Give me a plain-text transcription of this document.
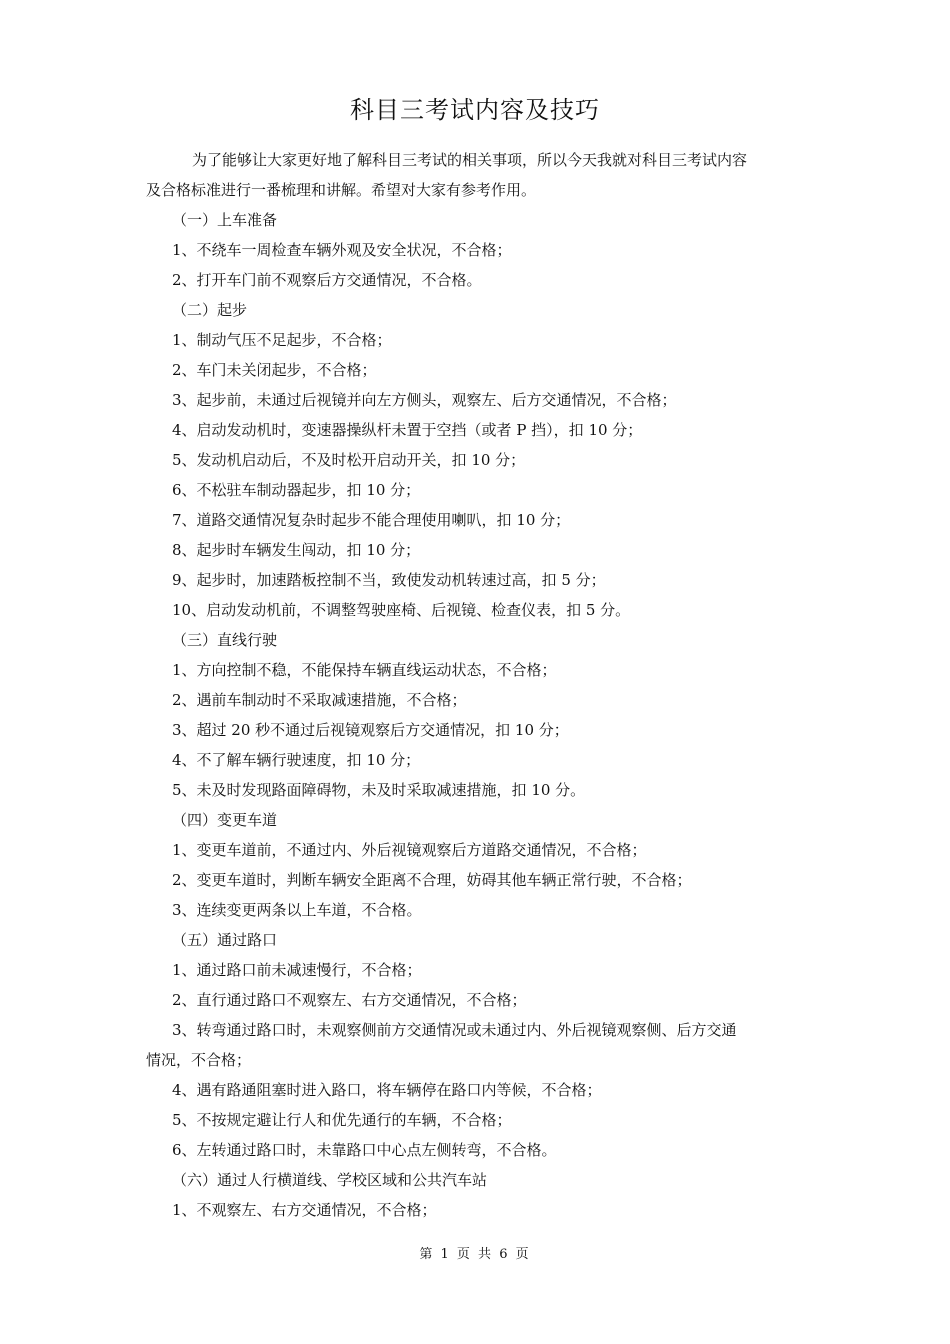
科目三考试内容及技巧
为了能够让大家更好地了解科目三考试的相关事项，所以今天我就对科目三考试内容
及合格标准进行一番梳理和讲解。希望对大家有参考作用。
（一）上车准备
1、不绕车一周检查车辆外观及安全状况，不合格；
2、打开车门前不观察后方交通情况，不合格。
（二）起步
1、制动气压不足起步，不合格；
2、车门未关闭起步，不合格；
3、起步前，未通过后视镜并向左方侧头，观察左、后方交通情况，不合格；
4、启动发动机时，变速器操纵杆未置于空挡（或者 P 挡），扣 10 分；
5、发动机启动后，不及时松开启动开关，扣 10 分；
6、不松驻车制动器起步，扣 10 分；
7、道路交通情况复杂时起步不能合理使用喇叭，扣 10 分；
8、起步时车辆发生闯动，扣 10 分；
9、起步时，加速踏板控制不当，致使发动机转速过高，扣 5 分；
10、启动发动机前，不调整驾驶座椅、后视镜、检查仪表，扣 5 分。
（三）直线行驶
1、方向控制不稳，不能保持车辆直线运动状态，不合格；
2、遇前车制动时不采取减速措施，不合格；
3、超过 20 秒不通过后视镜观察后方交通情况，扣 10 分；
4、不了解车辆行驶速度，扣 10 分；
5、未及时发现路面障碍物，未及时采取减速措施，扣 10 分。
（四）变更车道
1、变更车道前，不通过内、外后视镜观察后方道路交通情况，不合格；
2、变更车道时，判断车辆安全距离不合理，妨碍其他车辆正常行驶，不合格；
3、连续变更两条以上车道，不合格。
（五）通过路口
1、通过路口前未减速慢行，不合格；
2、直行通过路口不观察左、右方交通情况，不合格；
3、转弯通过路口时，未观察侧前方交通情况或未通过内、外后视镜观察侧、后方交通
情况，不合格；
4、遇有路通阻塞时进入路口，将车辆停在路口内等候，不合格；
5、不按规定避让行人和优先通行的车辆，不合格；
6、左转通过路口时，未靠路口中心点左侧转弯，不合格。
（六）通过人行横道线、学校区域和公共汽车站
1、不观察左、右方交通情况，不合格；
第 1 页 共 6 页
